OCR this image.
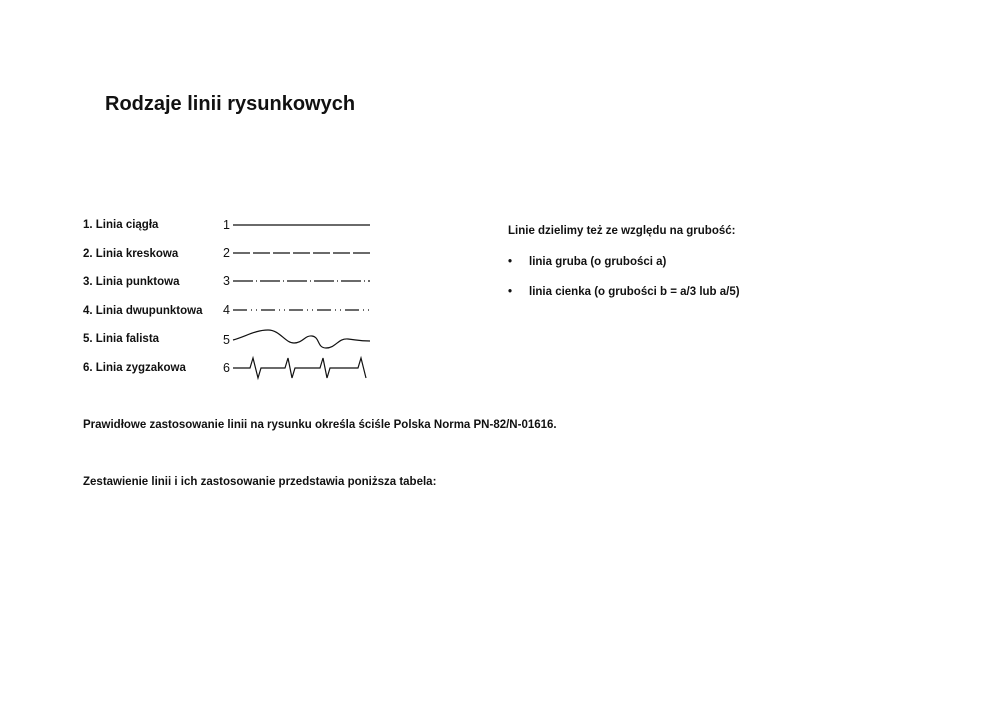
Rodzaje linii rysunkowych
1. Linia ciągła
2. Linia kreskowa
3. Linia punktowa
4. Linia dwupunktowa
5. Linia falista
6. Linia zygzakowa
1
2
3
4
5
6

Linie dzielimy też ze względu na grubość:

• linia gruba (o grubości a)
• linia cienka (o grubości b = a/3 lub a/5)

Prawidłowe zastosowanie linii na rysunku określa ściśle Polska Norma PN-82/N-01616.

Zestawienie linii i ich zastosowanie przedstawia poniższa tabela:
